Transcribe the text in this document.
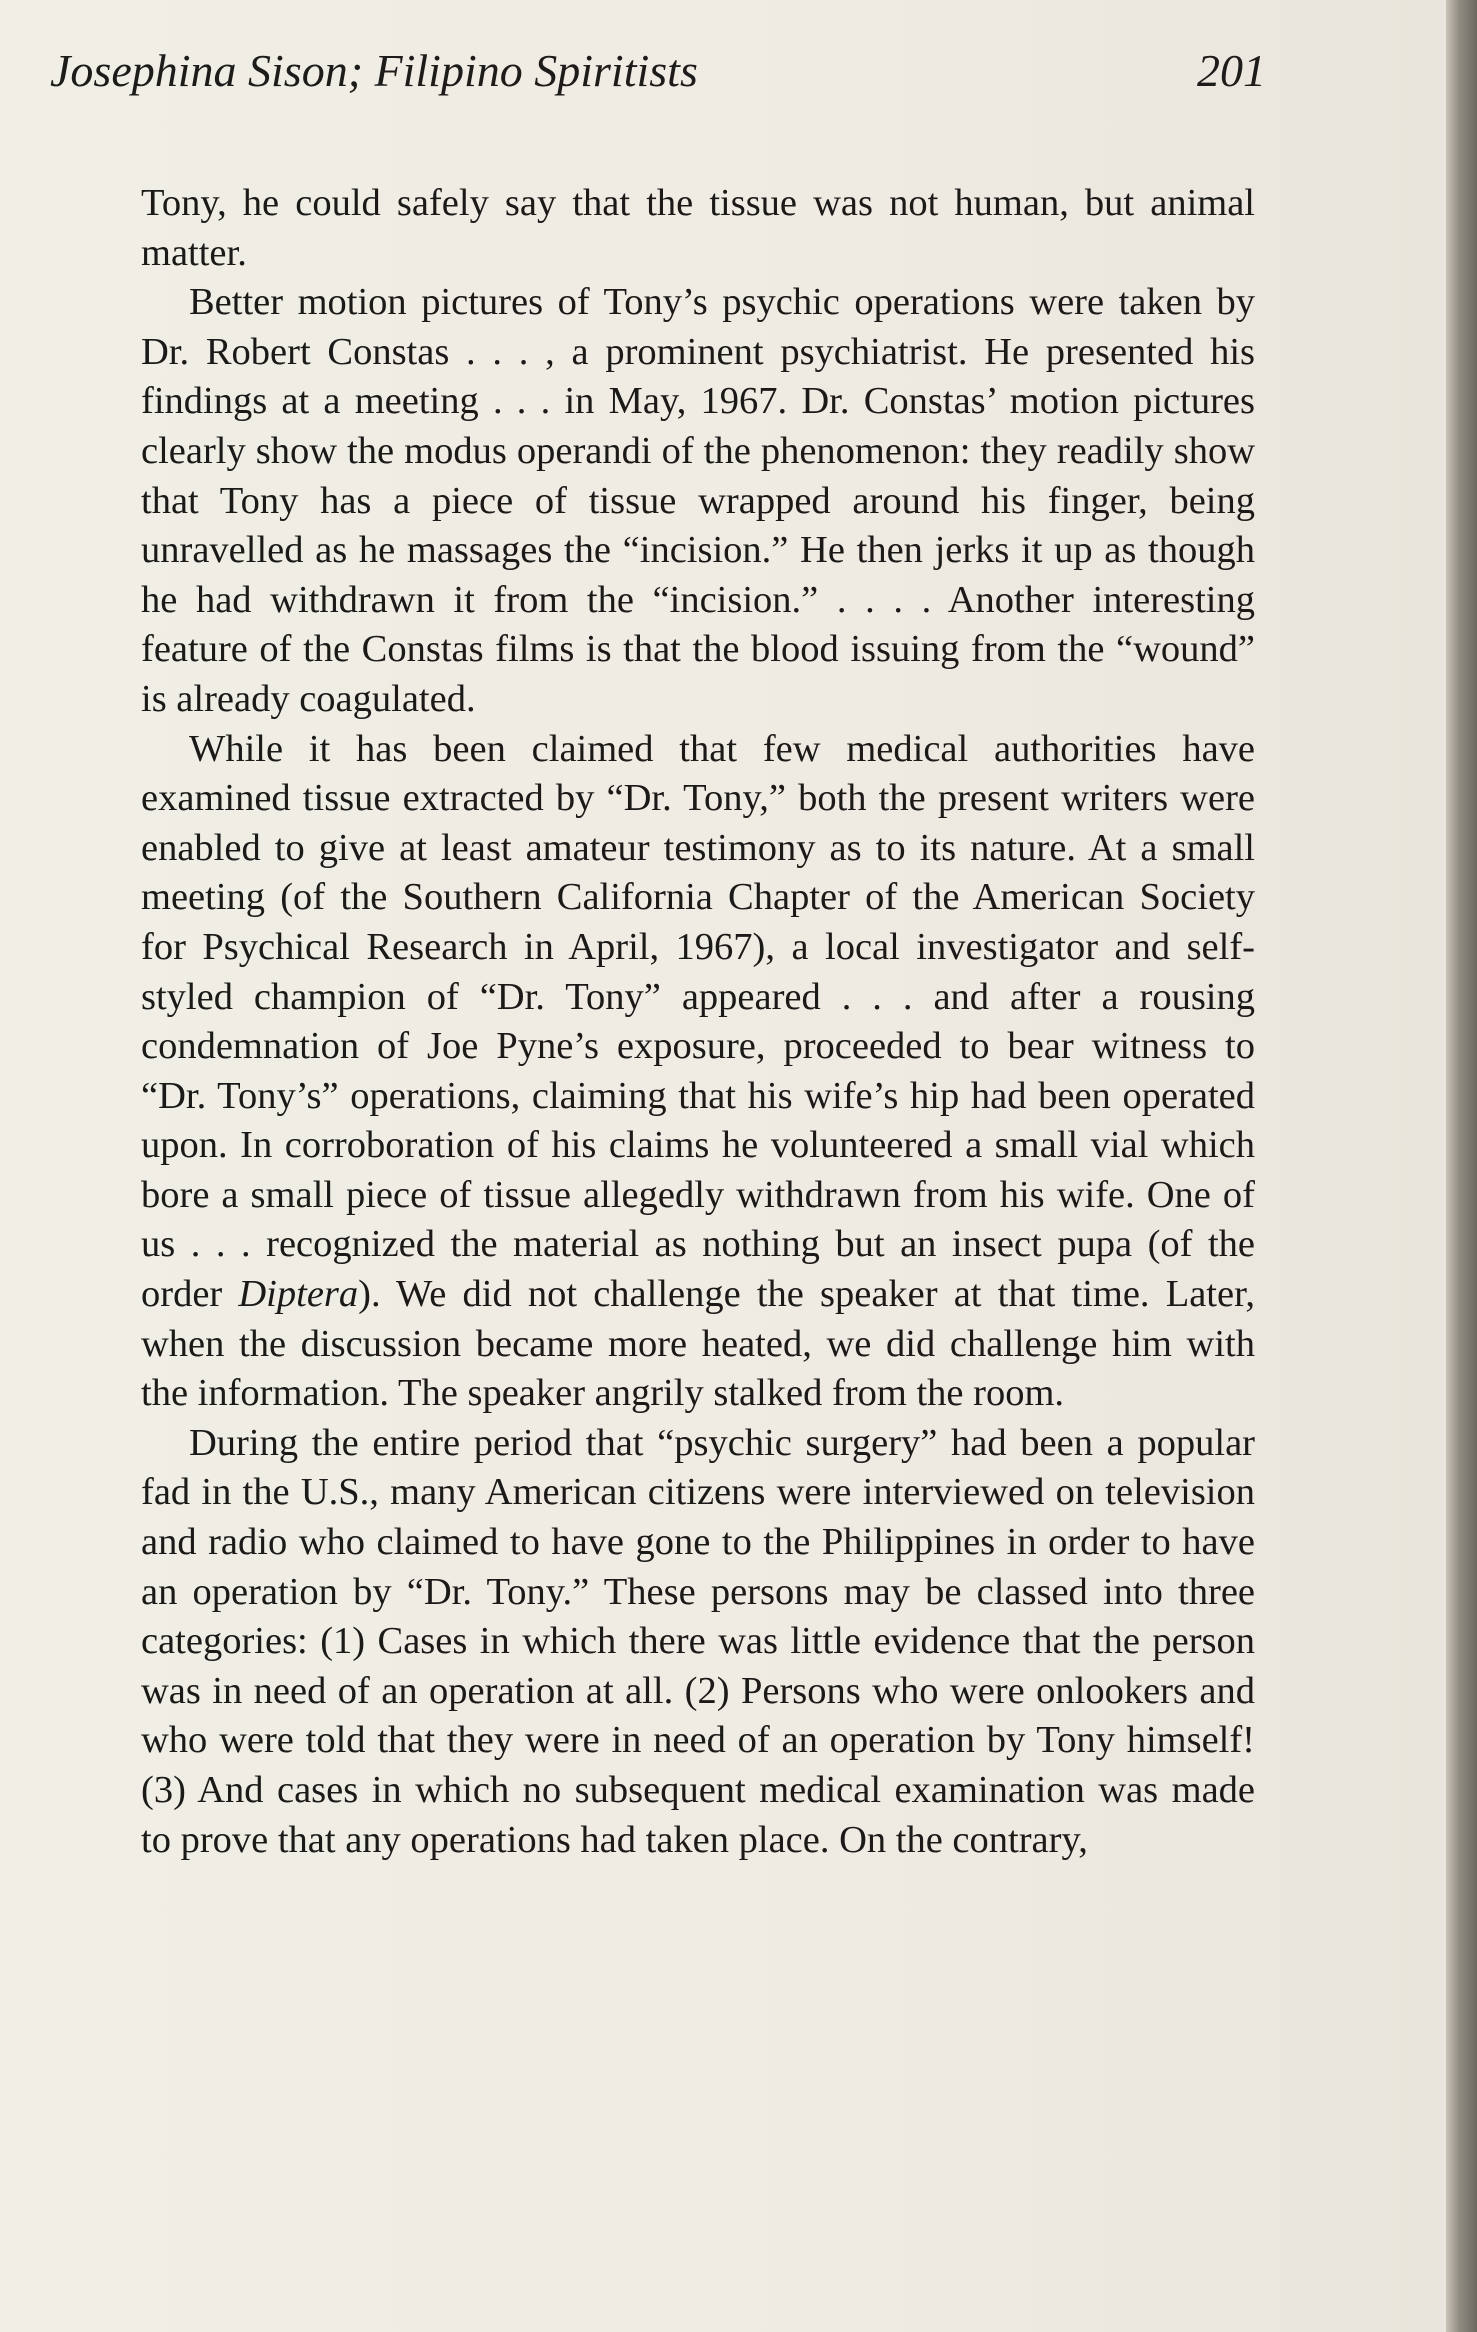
Josephina Sison; Filipino Spiritists	201

Tony, he could safely say that the tissue was not human, but animal matter.

Better motion pictures of Tony’s psychic operations were taken by Dr. Robert Constas . . . , a prominent psychiatrist. He presented his findings at a meeting . . . in May, 1967. Dr. Constas’ motion pictures clearly show the modus operandi of the phenomenon: they readily show that Tony has a piece of tissue wrapped around his finger, being unravelled as he massages the “incision.” He then jerks it up as though he had withdrawn it from the “incision.” . . . . Another interesting feature of the Constas films is that the blood issuing from the “wound” is already coagulated.

While it has been claimed that few medical authorities have examined tissue extracted by “Dr. Tony,” both the present writers were enabled to give at least amateur testimony as to its nature. At a small meeting (of the Southern California Chapter of the American Society for Psychical Research in April, 1967), a local investigator and self-styled champion of “Dr. Tony” appeared . . . and after a rousing condemnation of Joe Pyne’s exposure, proceeded to bear witness to “Dr. Tony’s” operations, claiming that his wife’s hip had been operated upon. In corroboration of his claims he volunteered a small vial which bore a small piece of tissue allegedly withdrawn from his wife. One of us . . . recognized the material as nothing but an insect pupa (of the order Diptera). We did not challenge the speaker at that time. Later, when the discussion became more heated, we did challenge him with the information. The speaker angrily stalked from the room.

During the entire period that “psychic surgery” had been a popular fad in the U.S., many American citizens were interviewed on television and radio who claimed to have gone to the Philippines in order to have an operation by “Dr. Tony.” These persons may be classed into three categories: (1) Cases in which there was little evidence that the person was in need of an operation at all. (2) Persons who were onlookers and who were told that they were in need of an operation by Tony himself! (3) And cases in which no subsequent medical examination was made to prove that any operations had taken place. On the contrary,
